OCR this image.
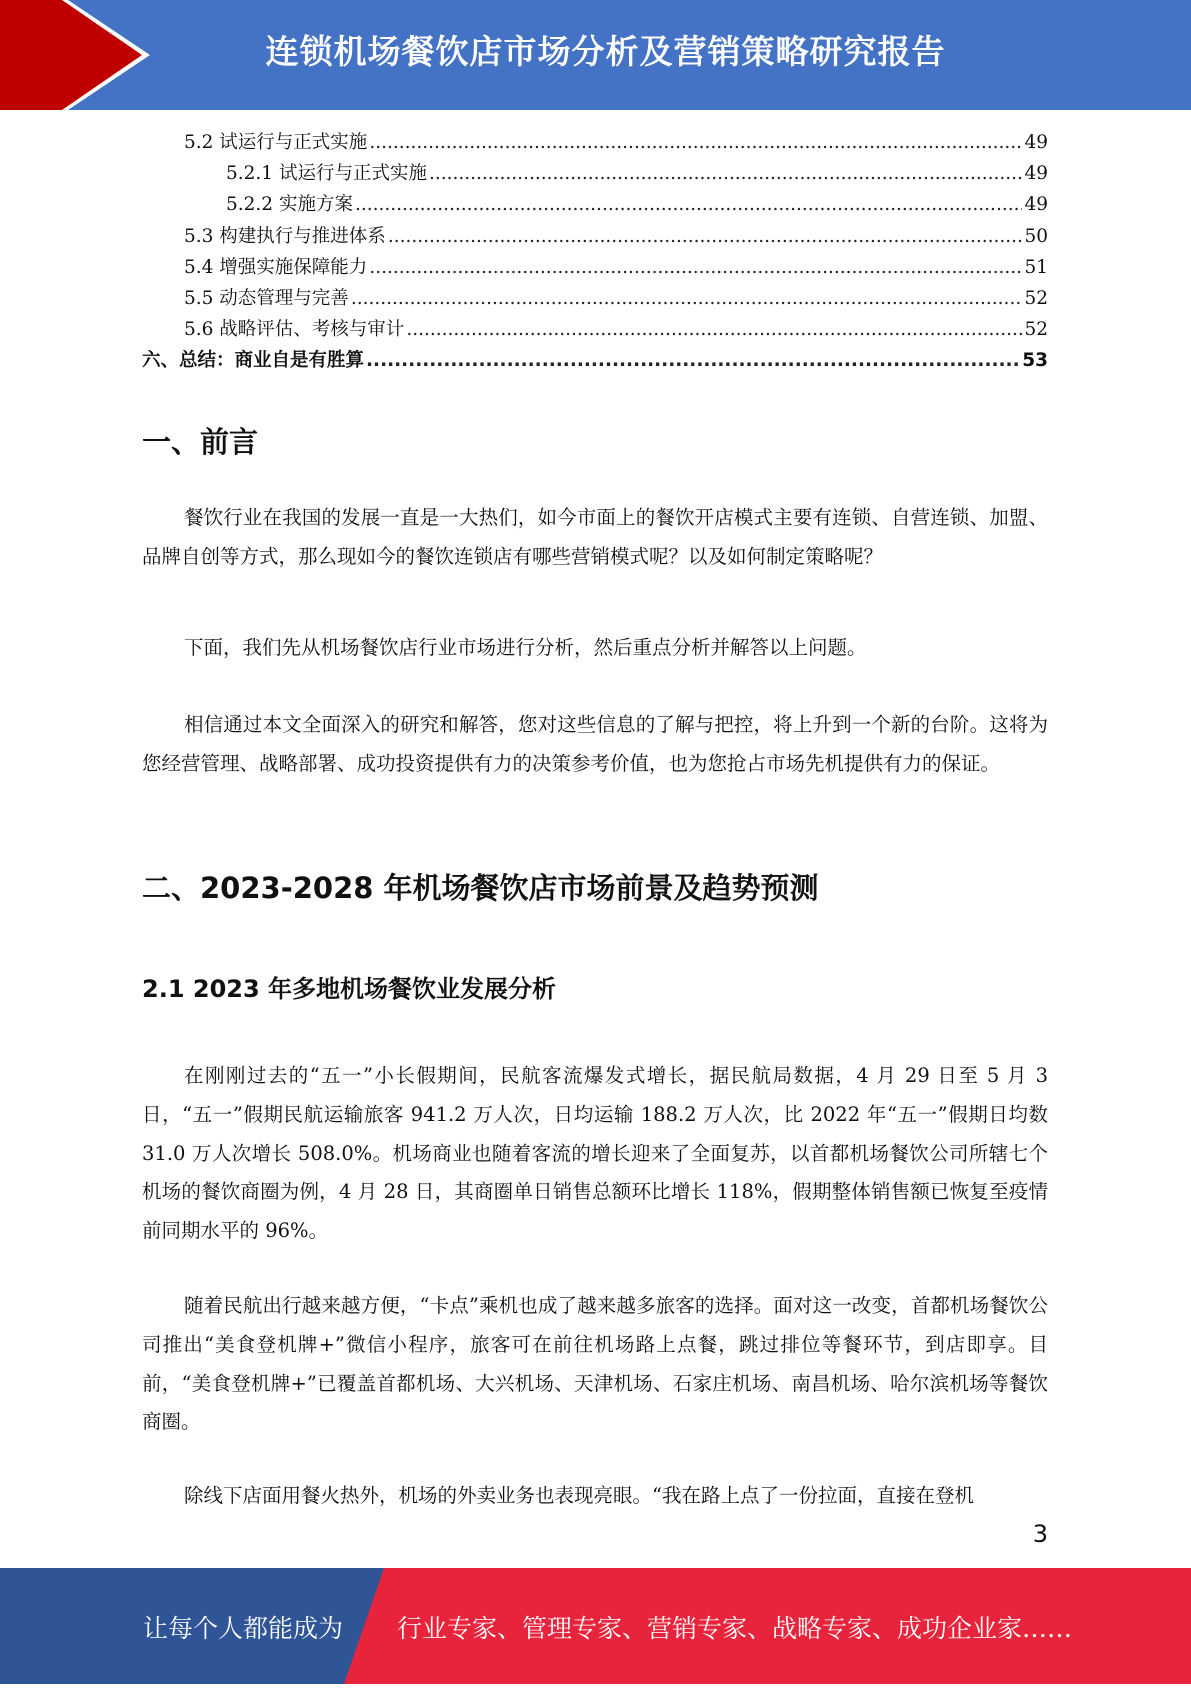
连锁机场餐饮店市场分析及营销策略研究报告
5.2 试运行与正式实施 .....	49
5.2.1 试运行与正式实施 .....	49
5.2.2 实施方案 .....	49
5.3 构建执行与推进体系 .....	50
5.4 增强实施保障能力 .....	51
5.5 动态管理与完善 .....	52
5.6 战略评估、考核与审计 .....	52
六、总结：商业自是有胜算 .....	53
一、前言

餐饮行业在我国的发展一直是一大热们，如今市面上的餐饮开店模式主要有连锁、自营连锁、加盟、品牌自创等方式，那么现如今的餐饮连锁店有哪些营销模式呢？以及如何制定策略呢？

下面，我们先从机场餐饮店行业市场进行分析，然后重点分析并解答以上问题。

相信通过本文全面深入的研究和解答，您对这些信息的了解与把控，将上升到一个新的台阶。这将为您经营管理、战略部署、成功投资提供有力的决策参考价值，也为您抢占市场先机提供有力的保证。

二、2023-2028 年机场餐饮店市场前景及趋势预测
2.1 2023 年多地机场餐饮业发展分析

在刚刚过去的“五一”小长假期间，民航客流爆发式增长，据民航局数据，4 月 29 日至 5 月 3 日，“五一”假期民航运输旅客 941.2 万人次，日均运输 188.2 万人次，比 2022 年“五一”假期日均数 31.0 万人次增长 508.0%。机场商业也随着客流的增长迎来了全面复苏，以首都机场餐饮公司所辖七个机场的餐饮商圈为例，4 月 28 日，其商圈单日销售总额环比增长 118%，假期整体销售额已恢复至疫情前同期水平的 96%。

随着民航出行越来越方便，“卡点”乘机也成了越来越多旅客的选择。面对这一改变，首都机场餐饮公司推出“美食登机牌+”微信小程序，旅客可在前往机场路上点餐，跳过排位等餐环节，到店即享。目前，“美食登机牌+”已覆盖首都机场、大兴机场、天津机场、石家庄机场、南昌机场、哈尔滨机场等餐饮商圈。

除线下店面用餐火热外，机场的外卖业务也表现亮眼。“我在路上点了一份拉面，直接在登机

3
让每个人都能成为 行业专家、管理专家、营销专家、战略专家、成功企业家……
